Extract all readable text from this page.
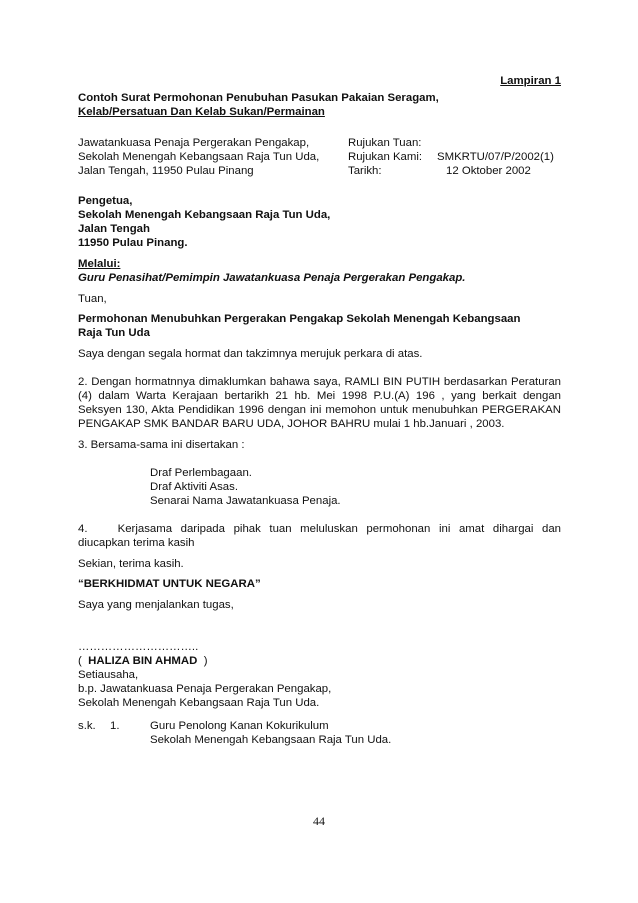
Lampiran 1
Contoh Surat Permohonan Penubuhan Pasukan Pakaian Seragam,
Kelab/Persatuan Dan Kelab Sukan/Permainan
Jawatankuasa Penaja Pergerakan Pengakap,
Sekolah Menengah Kebangsaan Raja Tun Uda,
Jalan Tengah, 11950 Pulau Pinang
Rujukan Tuan:
Rujukan Kami: SMKRTU/07/P/2002(1)
Tarikh:	12 Oktober 2002
Pengetua,
Sekolah Menengah Kebangsaan Raja Tun Uda,
Jalan Tengah
11950 Pulau Pinang.
Melalui:
Guru Penasihat/Pemimpin Jawatankuasa Penaja Pergerakan Pengakap.
Tuan,
Permohonan Menubuhkan Pergerakan Pengakap Sekolah Menengah Kebangsaan
Raja Tun Uda
Saya dengan segala hormat dan takzimnya merujuk perkara di atas.
2. Dengan hormatnnya dimaklumkan bahawa saya, RAMLI BIN PUTIH berdasarkan Peraturan
(4) dalam Warta Kerajaan bertarikh 21 hb. Mei 1998 P.U.(A) 196 , yang berkait dengan
Seksyen 130, Akta Pendidikan 1996 dengan ini memohon untuk menubuhkan PERGERAKAN
PENGAKAP SMK BANDAR BARU UDA, JOHOR BAHRU mulai 1 hb.Januari , 2003.
3. Bersama-sama ini disertakan :
Draf Perlembagaan.
Draf Aktiviti Asas.
Senarai Nama Jawatankuasa Penaja.
4.       Kerjasama  daripada  pihak  tuan  meluluskan  permohonan  ini  amat  dihargai  dan
diucapkan terima kasih
Sekian, terima kasih.
“BERKHIDMAT UNTUK NEGARA”
Saya yang menjalankan tugas,
…………………………..
(  HALIZA BIN AHMAD  )
Setiausaha,
b.p. Jawatankuasa Penaja Pergerakan Pengakap,
Sekolah Menengah Kebangsaan Raja Tun Uda.
s.k. 1.	Guru Penolong Kanan Kokurikulum
Sekolah Menengah Kebangsaan Raja Tun Uda.
44
